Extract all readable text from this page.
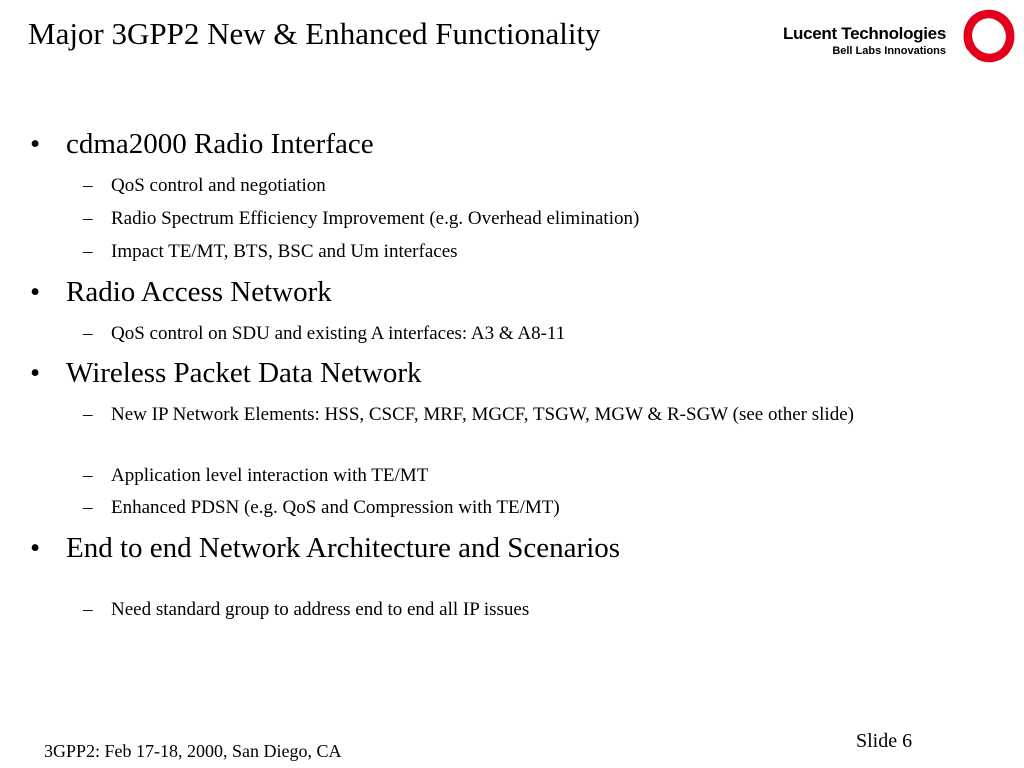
Major 3GPP2 New & Enhanced Functionality	Lucent Technologies
Bell Labs Innovations
• cdma2000 Radio Interface
– QoS control and negotiation
– Radio Spectrum Efficiency Improvement (e.g. Overhead elimination)
– Impact TE/MT, BTS, BSC and Um interfaces
• Radio Access Network
– QoS control on SDU and existing A interfaces: A3 & A8-11
• Wireless Packet Data Network
– New IP Network Elements: HSS, CSCF, MRF, MGCF, TSGW, MGW & R-SGW (see other slide)
– Application level interaction with TE/MT
– Enhanced PDSN (e.g. QoS and Compression with TE/MT)
• End to end Network Architecture and Scenarios
– Need standard group to address end to end all IP issues
3GPP2: Feb 17-18, 2000, San Diego, CA	Slide 6
